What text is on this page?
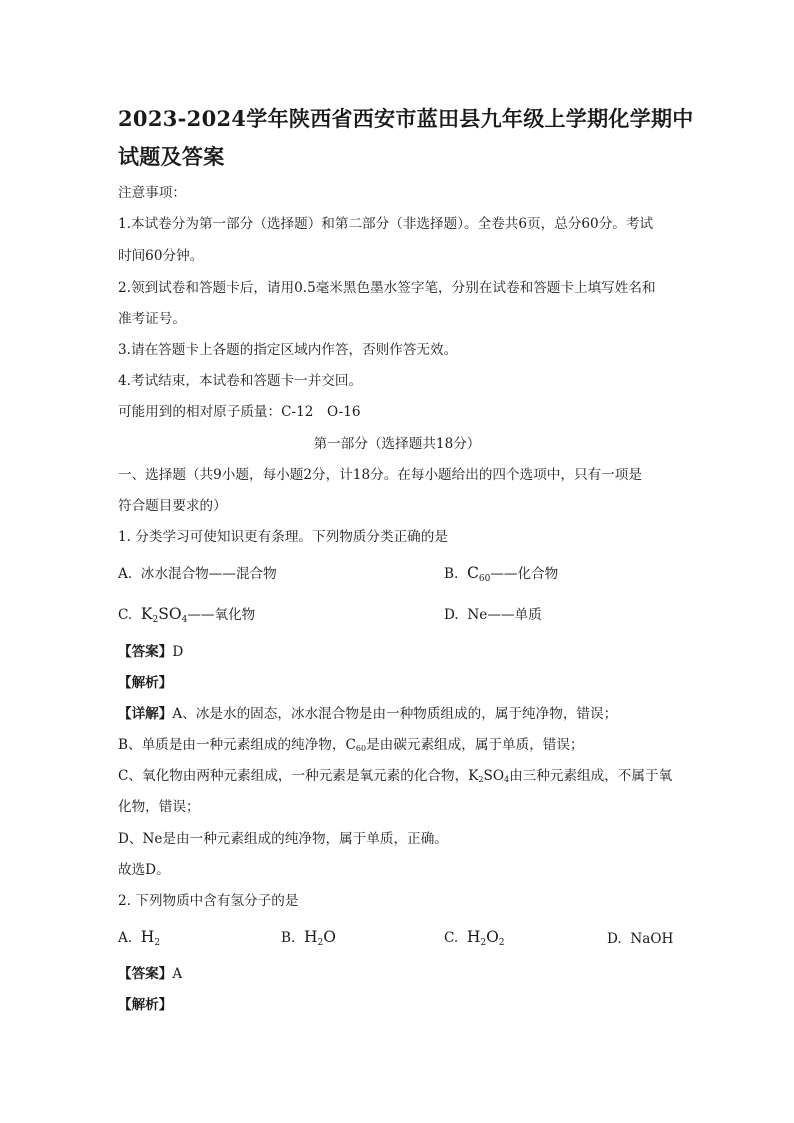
2023-2024学年陕西省西安市蓝田县九年级上学期化学期中
试题及答案
注意事项：
1.本试卷分为第一部分（选择题）和第二部分（非选择题）。全卷共6页，总分60分。考试
时间60分钟。
2.领到试卷和答题卡后，请用0.5毫米黑色墨水签字笔，分别在试卷和答题卡上填写姓名和
准考证号。
3.请在答题卡上各题的指定区域内作答，否则作答无效。
4.考试结束，本试卷和答题卡一并交回。
可能用到的相对原子质量：C-12　O-16
第一部分（选择题共18分）
一、选择题（共9小题，每小题2分，计18分。在每小题给出的四个选项中，只有一项是
符合题目要求的）
1. 分类学习可使知识更有条理。下列物质分类正确的是
A. 冰水混合物——混合物	B. $C_{60}——$化合物
C. $K_2SO_4——$氧化物	D. Ne——单质
【答案】D
【解析】
【详解】A、冰是水的固态，冰水混合物是由一种物质组成的，属于纯净物，错误；
B、单质是由一种元素组成的纯净物，$C_{60}$是由碳元素组成，属于单质，错误；
C、氧化物由两种元素组成，一种元素是氧元素的化合物，$K_2SO_4$由三种元素组成，不属于氧
化物，错误；
D、Ne是由一种元素组成的纯净物，属于单质，正确。
故选D。
2. 下列物质中含有氢分子的是
A. $H_2$	B. $H_2O$	C. $H_2O_2$	D. NaOH
【答案】A
【解析】
